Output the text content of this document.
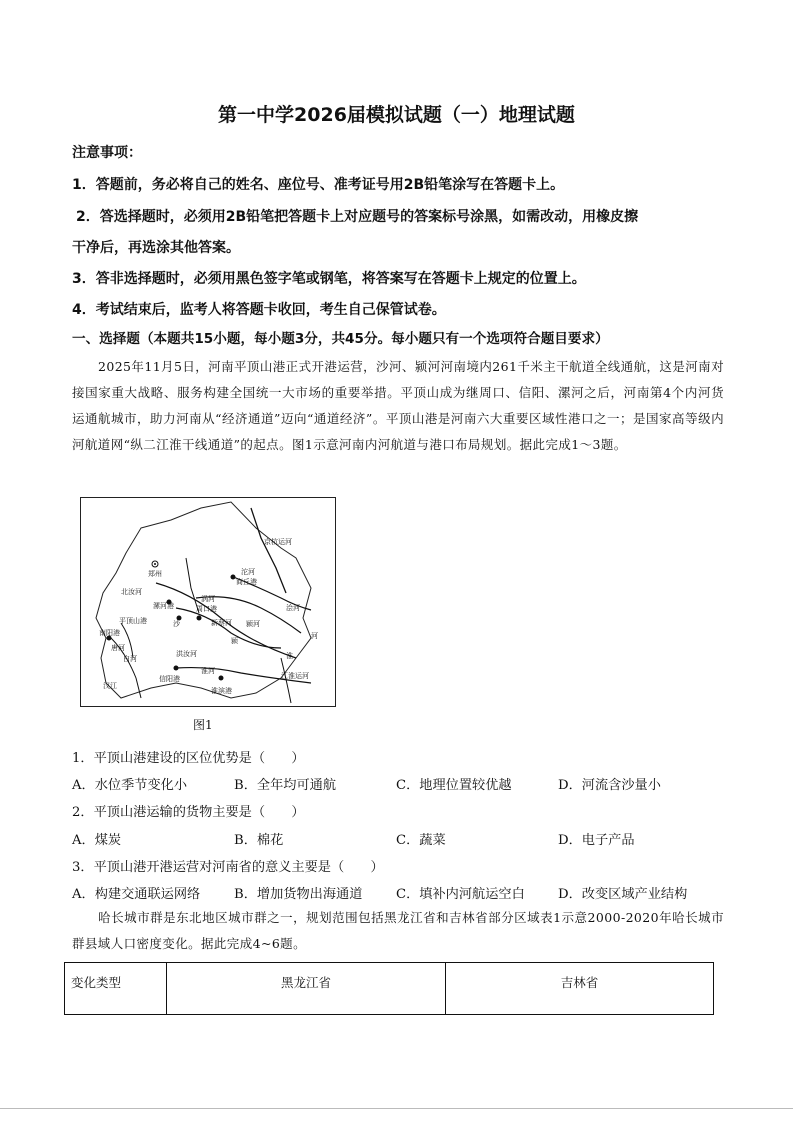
第一中学2026届模拟试题（一）地理试题
注意事项：
1．答题前，务必将自己的姓名、座位号、准考证号用2B铅笔涂写在答题卡上。
2．答选择题时，必须用2B铅笔把答题卡上对应题号的答案标号涂黑，如需改动，用橡皮擦
干净后，再选涂其他答案。
3．答非选择题时，必须用黑色签字笔或钢笔，将答案写在答题卡上规定的位置上。
4．考试结束后，监考人将答题卡收回，考生自己保管试卷。
一、选择题（本题共15小题，每小题3分，共45分。每小题只有一个选项符合题目要求）
2025年11月5日，河南平顶山港正式开港运营，沙河、颍河河南境内261千米主干航道全线通航，这是河南对接国家重大战略、服务构建全国统一大市场的重要举措。平顶山成为继周口、信阳、漯河之后，河南第4个内河货运通航城市，助力河南从“经济通道”迈向“通道经济”。平顶山港是河南六大重要区域性港口之一；是国家高等级内河航道网“纵二江淮干线通道”的起点。图1示意河南内河航道与港口布局规划。据此完成1～3题。
郑州
商丘港
京杭运河
涡河
沱河
浍河
北汝河
漯河港
平顶山港	沙
周口港
新蔡河 颍河
颍
南阳港
唐河
白河
汉江
信阳港
淮河
淮滨港
洪汝河
江淮运河
河
淮
图1
1．平顶山港建设的区位优势是（　　）
A．水位季节变化小	B．全年均可通航	C．地理位置较优越	D．河流含沙量小
2．平顶山港运输的货物主要是（　　）
A．煤炭	B．棉花	C．蔬菜	D．电子产品
3．平顶山港开港运营对河南省的意义主要是（　　）
A．构建交通联运网络	B．增加货物出海通道	C．填补内河航运空白	D．改变区域产业结构
哈长城市群是东北地区城市群之一，规划范围包括黑龙江省和吉林省部分区域表1示意2000-2020年哈长城市群县域人口密度变化。据此完成4~6题。
变化类型	黑龙江省	吉林省
